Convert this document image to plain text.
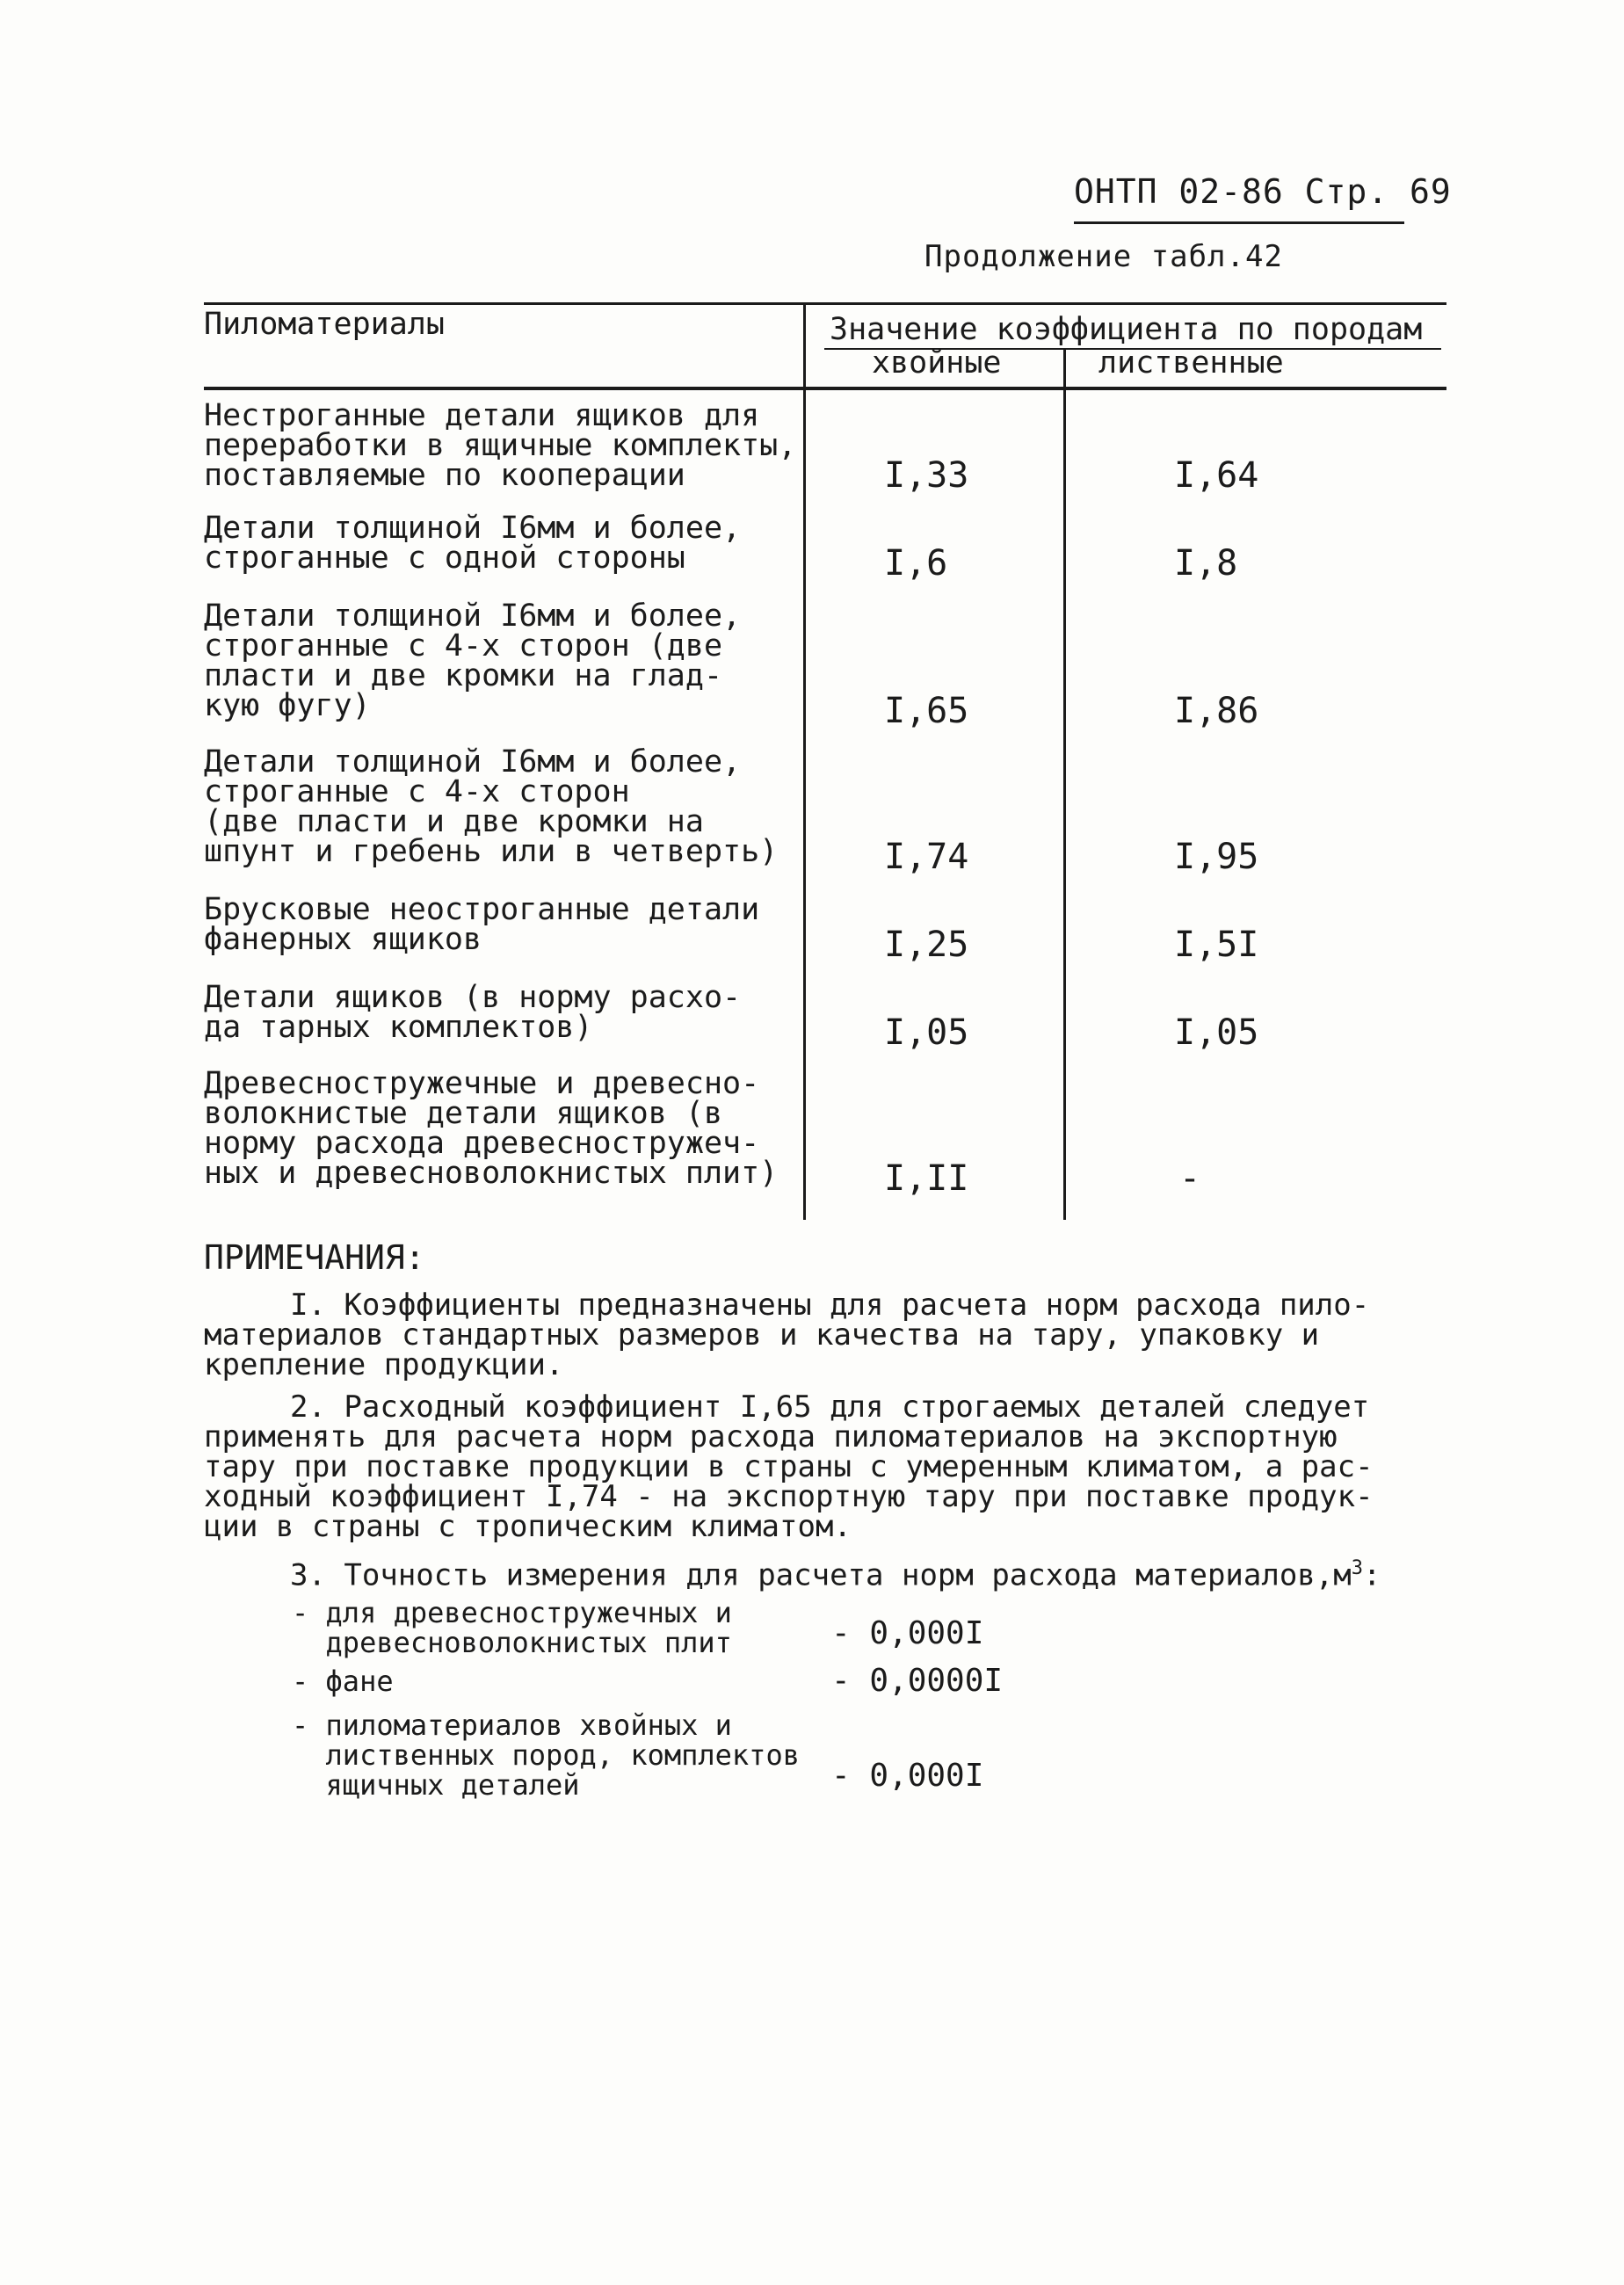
ОНТП 02-86 Стр. 69
Продолжение табл.42
Пиломатериалы	Значение коэффициента по породам
хвойные	лиственные
Нестроганные детали ящиков для
переработки в ящичные комплекты,
поставляемые по кооперации	I,33	I,64
Детали толщиной I6мм и более,
строганные с одной стороны	I,6	I,8
Детали толщиной I6мм и более,
строганные с 4-х сторон (две
пласти и две кромки на глад-
кую фугу)	I,65	I,86
Детали толщиной I6мм и более,
строганные с 4-х сторон
(две пласти и две кромки на
шпунт и гребень или в четверть)	I,74	I,95
Брусковые неостроганные детали
фанерных ящиков	I,25	I,5I
Детали ящиков (в норму расхо-
да тарных комплектов)	I,05	I,05
Древесностружечные и древесно-
волокнистые детали ящиков (в
норму расхода древесностружеч-
ных и древесноволокнистых плит)	I,II	-
ПРИМЕЧАНИЯ:
I. Коэффициенты предназначены для расчета норм расхода пило-
материалов стандартных размеров и качества на тару, упаковку и
крепление продукции.
2. Расходный коэффициент I,65 для строгаемых деталей следует
применять для расчета норм расхода пиломатериалов на экспортную
тару при поставке продукции в страны с умеренным климатом, а рас-
ходный коэффициент I,74 - на экспортную тару при поставке продук-
ции в страны с тропическим климатом.
3. Точность измерения для расчета норм расхода $материалов,м^3$:
- для древесностружечных и
древесноволокнистых плит	- 0,000I
- фане	- 0,0000I
- пиломатериалов хвойных и
лиственных пород, комплектов
ящичных деталей	- 0,000I
